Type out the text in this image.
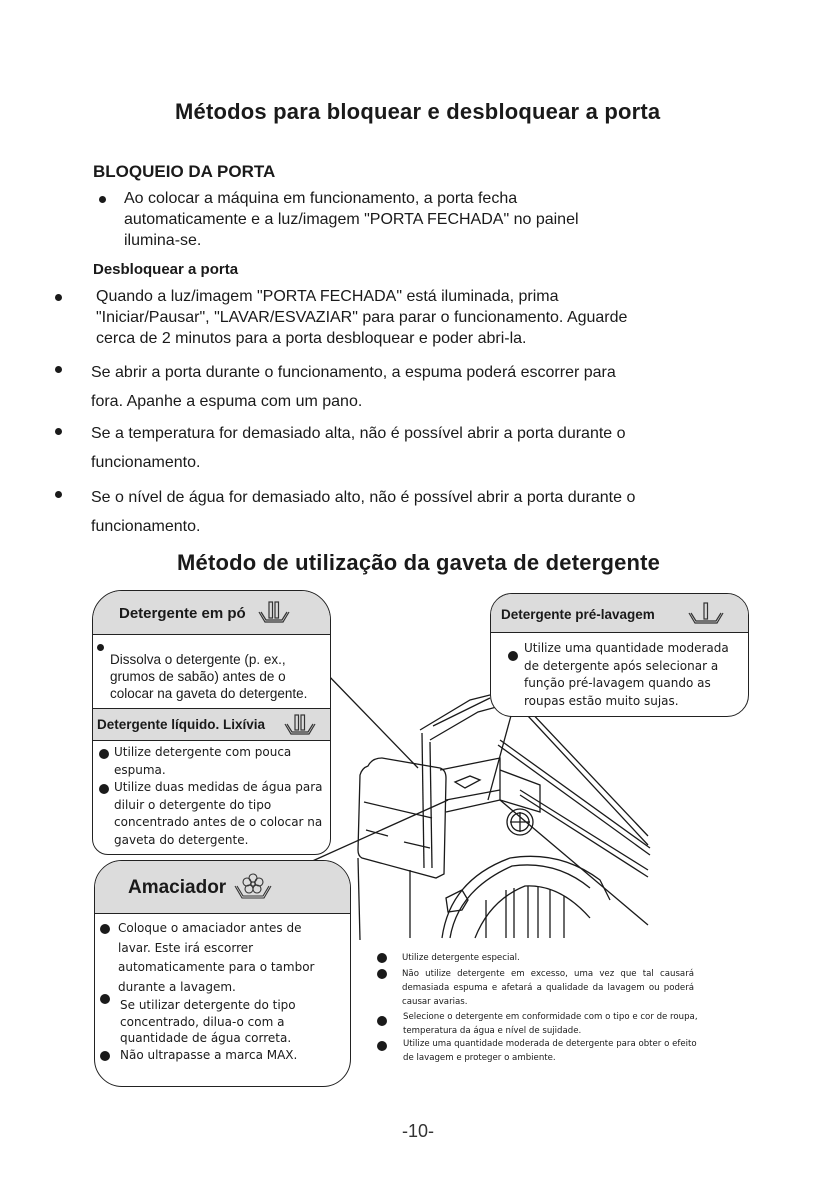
Métodos para bloquear e desbloquear a porta
BLOQUEIO DA PORTA
Ao colocar a máquina em funcionamento, a porta fecha
automaticamente e a luz/imagem "PORTA FECHADA" no painel
ilumina-se.
Desbloquear a porta
Quando a luz/imagem "PORTA FECHADA" está iluminada, prima
"Iniciar/Pausar", "LAVAR/ESVAZIAR" para parar o funcionamento. Aguarde
cerca de 2 minutos para a porta desbloquear e poder abri-la.
Se abrir a porta durante o funcionamento, a espuma poderá escorrer para
fora. Apanhe a espuma com um pano.
Se a temperatura for demasiado alta, não é possível abrir a porta durante o
funcionamento.
Se o nível de água for demasiado alto, não é possível abrir a porta durante o
funcionamento.
Método de utilização da gaveta de detergente
Detergente em pó
Dissolva o detergente (p. ex.,
grumos de sabão) antes de o
colocar na gaveta do detergente.
Detergente líquido. Lixívia
Utilize detergente com pouca
espuma.
Utilize duas medidas de água para
diluir o detergente do tipo
concentrado antes de o colocar na
gaveta do detergente.
Detergente pré-lavagem
Utilize uma quantidade moderada
de detergente após selecionar a
função pré-lavagem quando as
roupas estão muito sujas.
Amaciador
Coloque o amaciador antes de
lavar. Este irá escorrer
automaticamente para o tambor
durante a lavagem.
Se utilizar detergente do tipo
concentrado, dilua-o com a
quantidade de água correta.
Não ultrapasse a marca MAX.
Utilize detergente especial.
Não utilize detergente em excesso, uma vez que tal causará
demasiada espuma e afetará a qualidade da lavagem ou poderá
causar avarias.
Selecione o detergente em conformidade com o tipo e cor de roupa,
temperatura da água e nível de sujidade.
Utilize uma quantidade moderada de detergente para obter o efeito
de lavagem e proteger o ambiente.
-10-
